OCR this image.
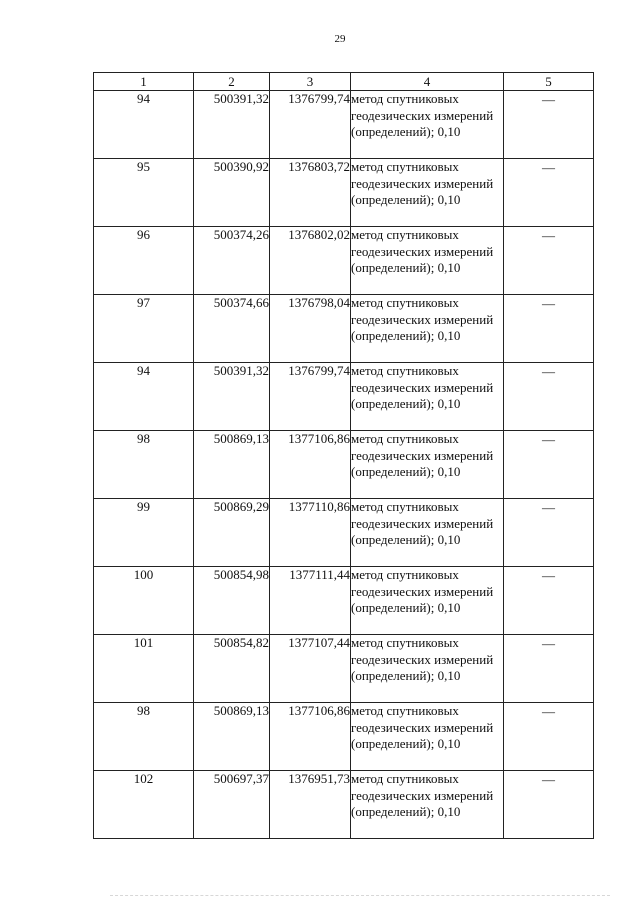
29
1	2	3	4	5
94	500391,32	1376799,74	метод спутниковых геодезических измерений (определений); 0,10	—
95	500390,92	1376803,72	метод спутниковых геодезических измерений (определений); 0,10	—
96	500374,26	1376802,02	метод спутниковых геодезических измерений (определений); 0,10	—
97	500374,66	1376798,04	метод спутниковых геодезических измерений (определений); 0,10	—
94	500391,32	1376799,74	метод спутниковых геодезических измерений (определений); 0,10	—
98	500869,13	1377106,86	метод спутниковых геодезических измерений (определений); 0,10	—
99	500869,29	1377110,86	метод спутниковых геодезических измерений (определений); 0,10	—
100	500854,98	1377111,44	метод спутниковых геодезических измерений (определений); 0,10	—
101	500854,82	1377107,44	метод спутниковых геодезических измерений (определений); 0,10	—
98	500869,13	1377106,86	метод спутниковых геодезических измерений (определений); 0,10	—
102	500697,37	1376951,73	метод спутниковых геодезических измерений (определений); 0,10	—
